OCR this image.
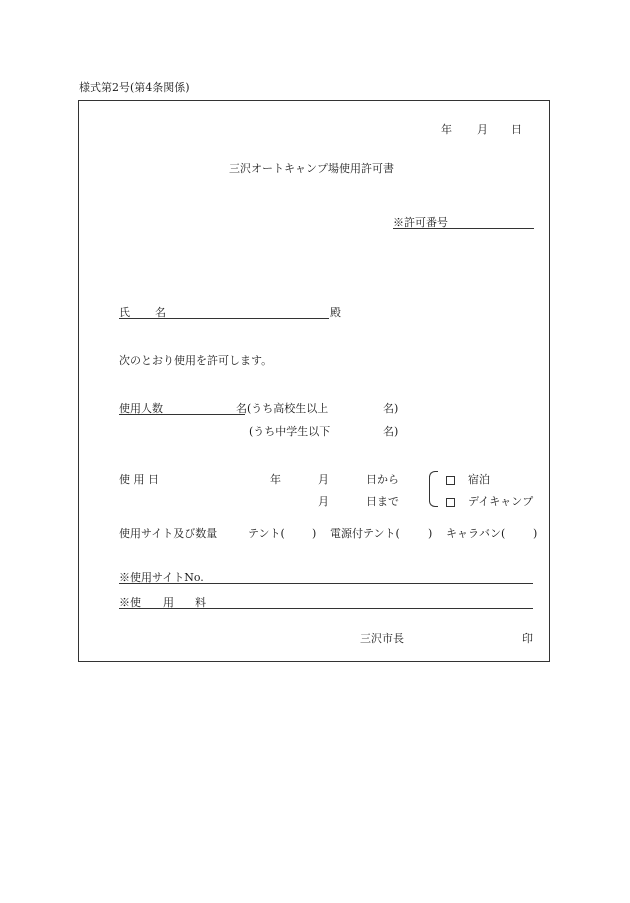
様式第2号(第4条関係)
年 月 日
三沢オートキャンプ場使用許可書
※許可番号
氏 名	殿
次のとおり使用を許可します。
使用人数	名(うち高校生以上	名)
(うち中学生以下	名)
使 用 日	年	月	日から
月	日まで
宿泊
デイキャンプ
使用サイト及び数量	テント( ) 電源付テント(	) キャラバン(	)
※使用サイトNo.
※使 用 料
三沢市長	印
